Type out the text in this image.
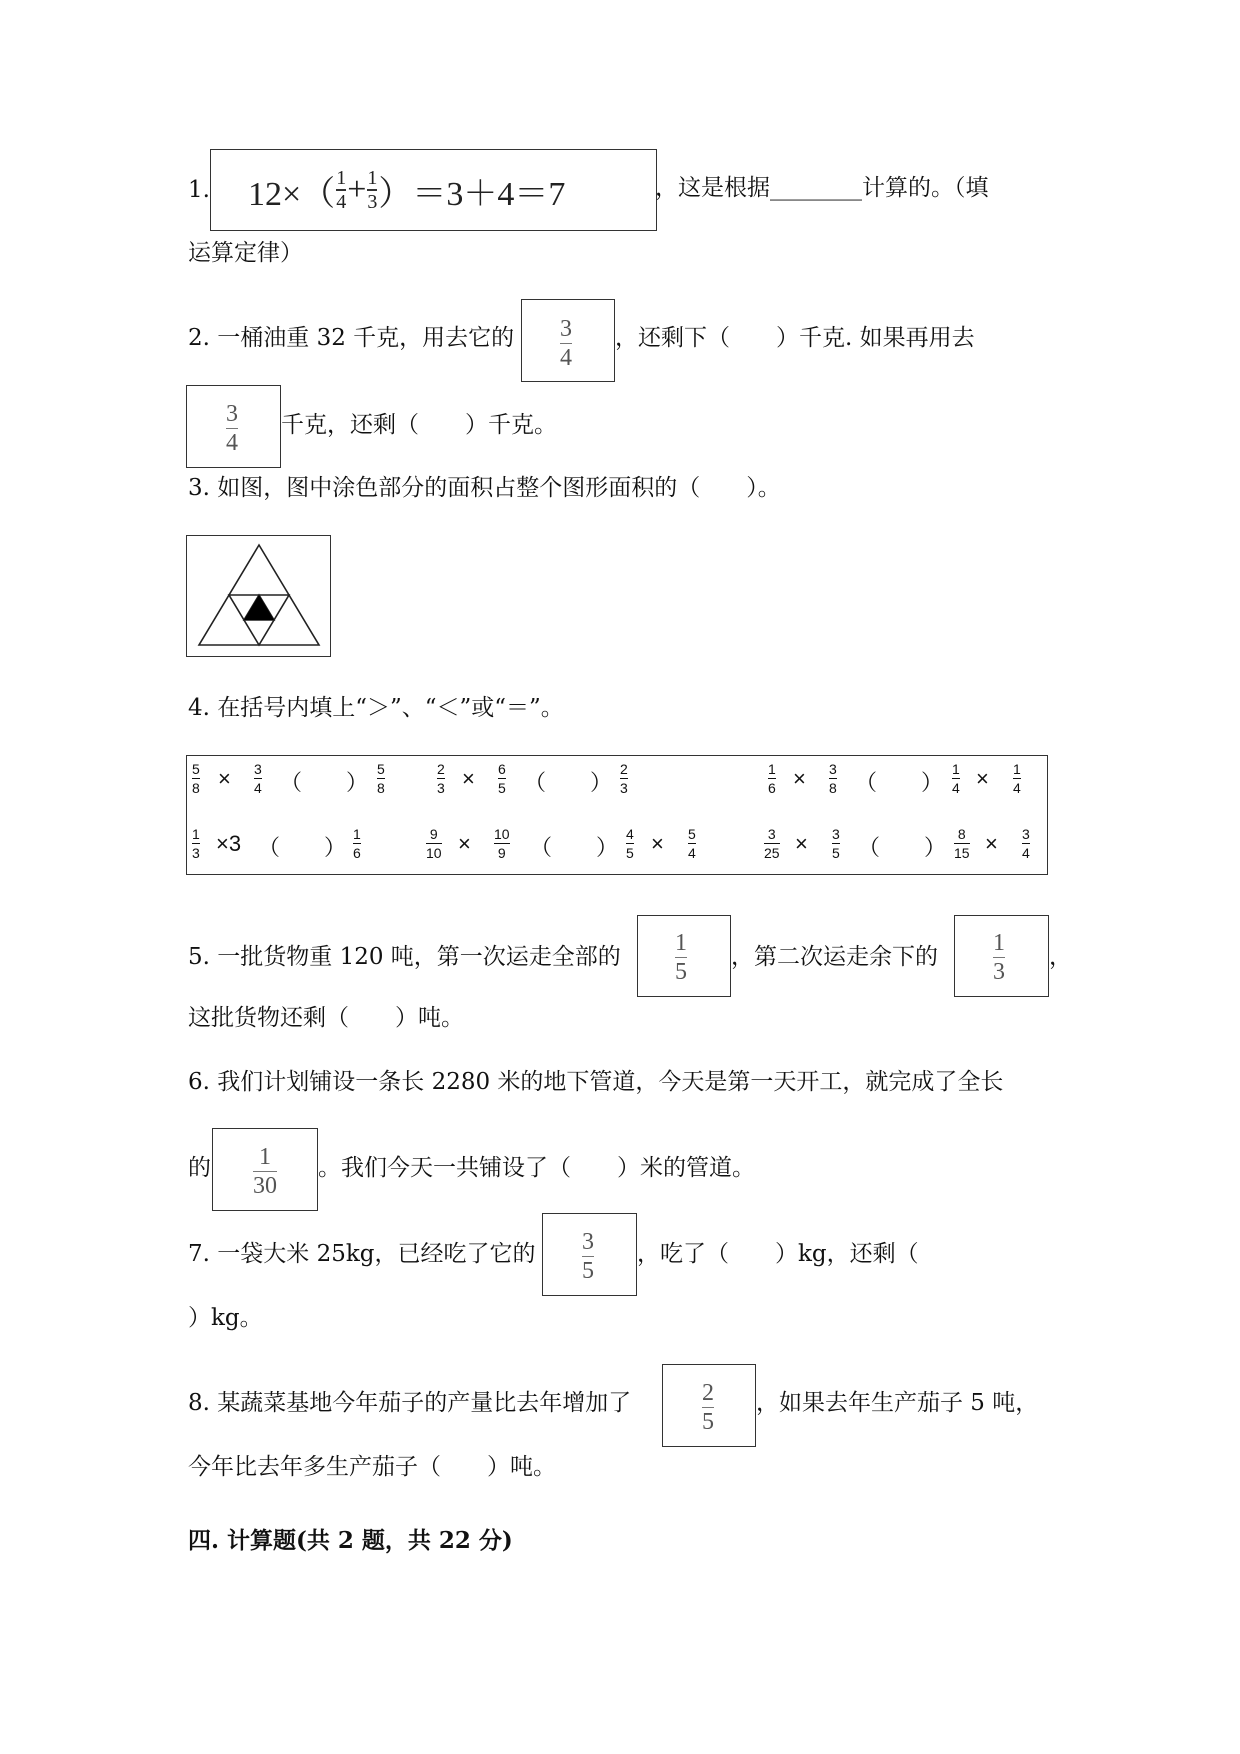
1. 12×（ 1
4 + 1
3 ）＝3＋4＝7	，这是根据________计算的。（填
运算定律）
2. 一桶油重 32 千克，用去它的 3
4
，还剩下（　　）千克. 如果再用去
3
4
千克，还剩（　　）千克。
3. 如图，图中涂色部分的面积占整个图形面积的（　　）。
4. 在括号内填上“＞”、“＜”或“＝”。
5
8 × 3
4 （　　）
5
8
2
3 × 6
5 （　　）
2
3
1
6 × 3
8 （　　）
1
4 × 1
4
1
3 ×3 （　　）
1
6
9
10 × 10
9 （　　）
4
5 × 5
4
3
25 × 3
5 （　　）
8
15 × 3
4
5. 一批货物重 120 吨，第一次运走全部的
1
5
，第二次运走余下的
1
3
，
这批货物还剩（　　）吨。
6. 我们计划铺设一条长 2280 米的地下管道，今天是第一天开工，就完成了全长
的 1
30
。我们今天一共铺设了（　　）米的管道。
7. 一袋大米 25kg，已经吃了它的 3
5
，吃了（　　）kg，还剩（
）kg。
8. 某蔬菜基地今年茄子的产量比去年增加了	2
5
，如果去年生产茄子 5 吨，
今年比去年多生产茄子（　　）吨。
四. 计算题(共 2 题，共 22 分)
